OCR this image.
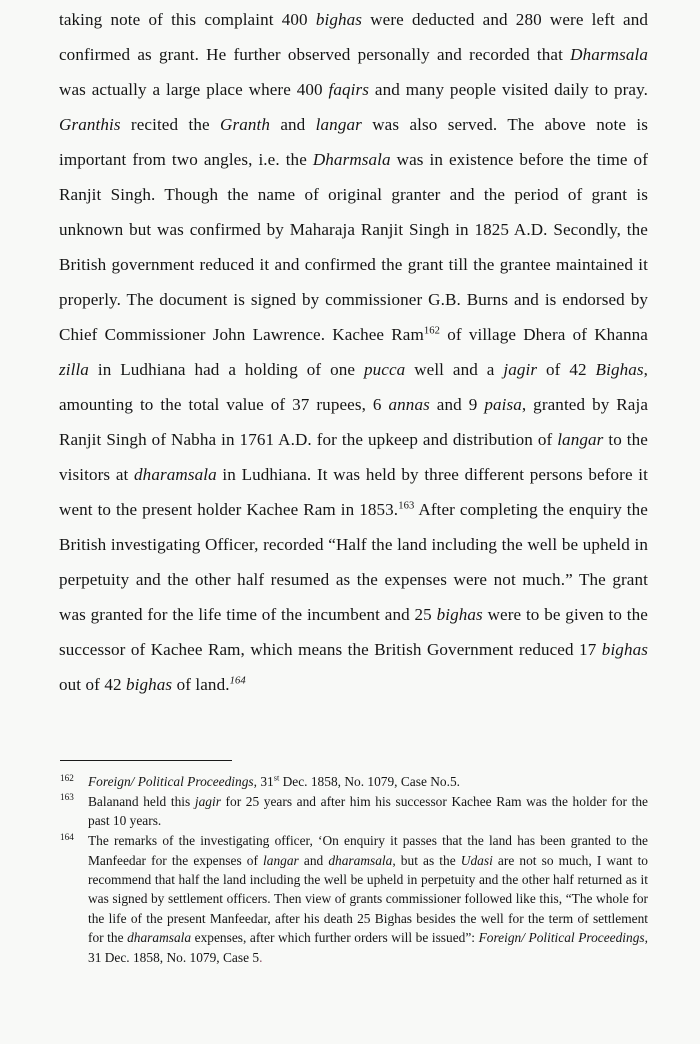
taking note of this complaint 400 bighas were deducted and 280 were left and confirmed as grant. He further observed personally and recorded that Dharmsala was actually a large place where 400 faqirs and many people visited daily to pray. Granthis recited the Granth and langar was also served. The above note is important from two angles, i.e. the Dharmsala was in existence before the time of Ranjit Singh. Though the name of original granter and the period of grant is unknown but was confirmed by Maharaja Ranjit Singh in 1825 A.D. Secondly, the British government reduced it and confirmed the grant till the grantee maintained it properly. The document is signed by commissioner G.B. Burns and is endorsed by Chief Commissioner John Lawrence. Kachee Ram$^{162}$ of village Dhera of Khanna zilla in Ludhiana had a holding of one pucca well and a jagir of 42 Bighas, amounting to the total value of 37 rupees, 6 annas and 9 paisa, granted by Raja Ranjit Singh of Nabha in 1761 A.D. for the upkeep and distribution of langar to the visitors at dharamsala in Ludhiana. It was held by three different persons before it went to the present holder Kachee Ram in 1853.$^{163}$ After completing the enquiry the British investigating Officer, recorded “Half the land including the well be upheld in perpetuity and the other half resumed as the expenses were not much.” The grant was granted for the life time of the incumbent and 25 bighas were to be given to the successor of Kachee Ram, which means the British Government reduced 17 bighas out of 42 bighas of land.$^{164}$

162	Foreign/ Political Proceedings, 31st Dec. 1858, No. 1079, Case No.5.
163	Balanand held this jagir for 25 years and after him his successor Kachee Ram was the holder for the past 10 years.
164	The remarks of the investigating officer, ‘On enquiry it passes that the land has been granted to the Manfeedar for the expenses of langar and dharamsala, but as the Udasi are not so much, I want to recommend that half the land including the well be upheld in perpetuity and the other half returned as it was signed by settlement officers. Then view of grants commissioner followed like this, “The whole for the life of the present Manfeedar, after his death 25 Bighas besides the well for the term of settlement for the dharamsala expenses, after which further orders will be issued”: Foreign/ Political Proceedings, 31 Dec. 1858, No. 1079, Case 5.
